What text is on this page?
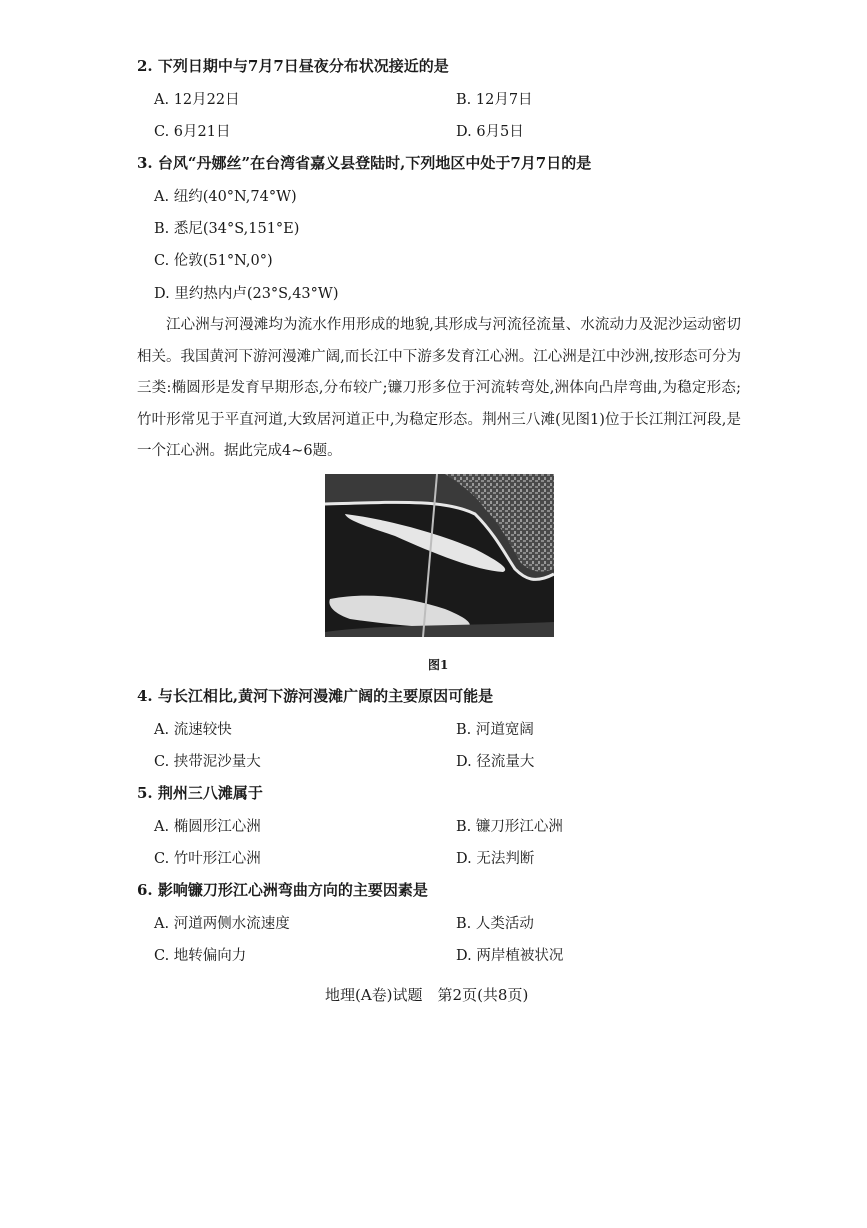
2. 下列日期中与7月7日昼夜分布状况接近的是
A. 12月22日	B. 12月7日
C. 6月21日	D. 6月5日
3. 台风“丹娜丝”在台湾省嘉义县登陆时,下列地区中处于7月7日的是
A. 纽约(40°N,74°W)
B. 悉尼(34°S,151°E)
C. 伦敦(51°N,0°)
D. 里约热内卢(23°S,43°W)

江心洲与河漫滩均为流水作用形成的地貌,其形成与河流径流量、水流动力及泥沙运动密切相关。我国黄河下游河漫滩广阔,而长江中下游多发育江心洲。江心洲是江中沙洲,按形态可分为三类:椭圆形是发育早期形态,分布较广;镰刀形多位于河流转弯处,洲体向凸岸弯曲,为稳定形态;竹叶形常见于平直河道,大致居河道正中,为稳定形态。荆州三八滩(见图1)位于长江荆江河段,是一个江心洲。据此完成4~6题。

图1
4. 与长江相比,黄河下游河漫滩广阔的主要原因可能是
A. 流速较快	B. 河道宽阔
C. 挟带泥沙量大	D. 径流量大
5. 荆州三八滩属于
A. 椭圆形江心洲	B. 镰刀形江心洲
C. 竹叶形江心洲	D. 无法判断
6. 影响镰刀形江心洲弯曲方向的主要因素是
A. 河道两侧水流速度	B. 人类活动
C. 地转偏向力	D. 两岸植被状况
地理(A卷)试题　第2页(共8页)
